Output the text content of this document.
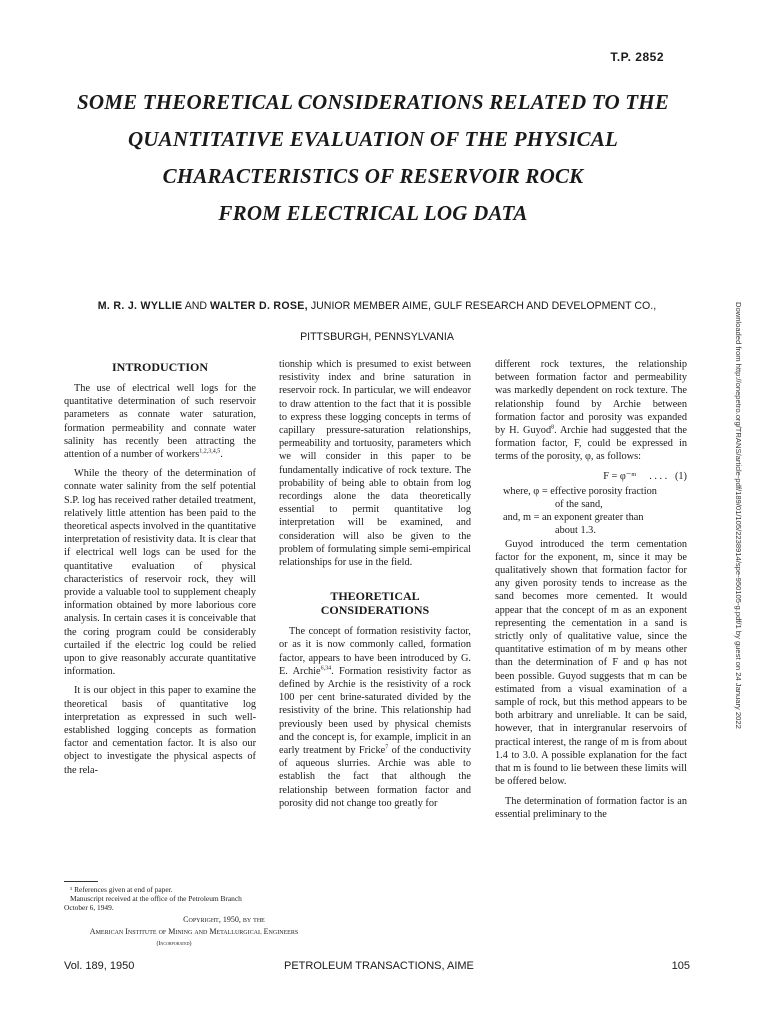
T.P. 2852
SOME THEORETICAL CONSIDERATIONS RELATED TO THE
QUANTITATIVE EVALUATION OF THE PHYSICAL
CHARACTERISTICS OF RESERVOIR ROCK
FROM ELECTRICAL LOG DATA
M. R. J. WYLLIE AND WALTER D. ROSE, JUNIOR MEMBER AIME, GULF RESEARCH AND DEVELOPMENT CO.,
PITTSBURGH, PENNSYLVANIA	Downloaded from http://onepetro.org/TRANS/article-pdf/189/01/105/2238914/spe-950105-g.pdf/1 by guest on 24 January 2022
INTRODUCTION

The use of electrical well logs for the quantitative determination of such reservoir parameters as connate water saturation, formation permeability and connate water salinity has recently been attracting the attention of a number of workers$^{1,2,3,4,5}$.

While the theory of the determination of connate water salinity from the self potential S.P. log has received rather detailed treatment, relatively little attention has been paid to the theoretical aspects involved in the quantitative interpretation of resistivity data. It is clear that if electrical well logs can be used for the quantitative evaluation of physical characteristics of reservoir rock, they will provide a valuable tool to supplement cheaply information obtained by more laborious core analysis. In certain cases it is conceivable that the coring program could be considerably curtailed if the electric log could be relied upon to give reasonably accurate quantitative information.

It is our object in this paper to examine the theoretical basis of quantitative log interpretation as expressed in such well-established logging concepts as formation factor and cementation factor. It is also our object to investigate the physical aspects of the rela-

tionship which is presumed to exist between resistivity index and brine saturation in reservoir rock. In particular, we will endeavor to draw attention to the fact that it is possible to express these logging concepts in terms of capillary pressure-saturation relationships, permeability and tortuosity, parameters which we will consider in this paper to be fundamentally indicative of rock texture. The probability of being able to obtain from log recordings alone the data theoretically essential to permit quantitative log interpretation will be examined, and consideration will also be given to the problem of formulating simple semi-empirical relationships for use in the field.

THEORETICAL
CONSIDERATIONS

The concept of formation resistivity factor, or as it is now commonly called, formation factor, appears to have been introduced by G. E. Archie$^{6,34}$. Formation resistivity factor as defined by Archie is the resistivity of a rock 100 per cent brine-saturated divided by the resistivity of the brine. This relationship had previously been used by physical chemists and the concept is, for example, implicit in an early treatment by Fricke$^7$ of the conductivity of aqueous slurries. Archie was able to establish the fact that although the relationship between formation factor and porosity did not change too greatly for

different rock textures, the relationship between formation factor and permeability was markedly dependent on rock texture. The relationship found by Archie between formation factor and porosity was expanded by H. Guyod$^8$. Archie had suggested that the formation factor, F, could be expressed in terms of the porosity, φ, as follows:

F = φ⁻ᵐ . . . . (1)
where, φ = effective porosity fraction
of the sand,
and, m = an exponent greater than
about 1.3.

Guyod introduced the term cementation factor for the exponent, m, since it may be qualitatively shown that formation factor for any given porosity tends to increase as the sand becomes more cemented. It would appear that the concept of m as an exponent representing the cementation in a sand is strictly only of qualitative value, since the quantitative estimation of m by means other than the determination of F and φ has not been possible. Guyod suggests that m can be estimated from a visual examination of a sample of rock, but this method appears to be both arbitrary and unreliable. It can be said, however, that in intergranular reservoirs of practical interest, the range of m is from about 1.4 to 3.0. A possible explanation for the fact that m is found to lie between these limits will be offered below.

The determination of formation factor is an essential preliminary to the

¹ References given at end of paper.

Manuscript received at the office of the Petroleum Branch October 6, 1949.

Copyright, 1950, by the
American Institute of Mining and Metallurgical Engineers
(Incorporated)
Vol. 189, 1950	PETROLEUM TRANSACTIONS, AIME	105
